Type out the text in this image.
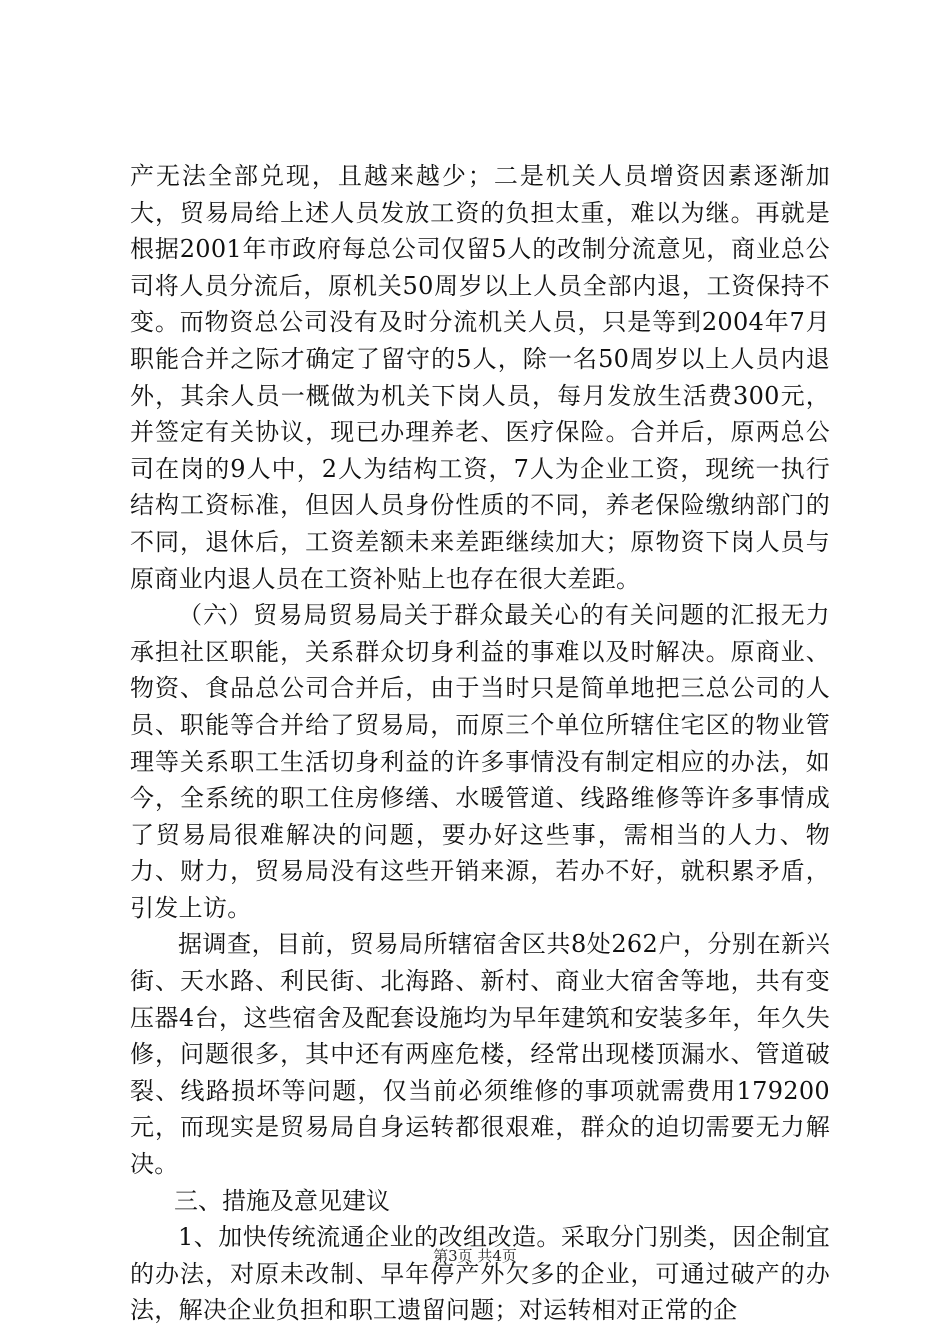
产无法全部兑现，且越来越少；二是机关人员增资因素逐渐加大，贸易局给上述人员发放工资的负担太重，难以为继。再就是根据2001年市政府每总公司仅留5人的改制分流意见，商业总公司将人员分流后，原机关50周岁以上人员全部内退，工资保持不变。而物资总公司没有及时分流机关人员，只是等到2004年7月职能合并之际才确定了留守的5人，除一名50周岁以上人员内退外，其余人员一概做为机关下岗人员，每月发放生活费300元，并签定有关协议，现已办理养老、医疗保险。合并后，原两总公司在岗的9人中，2人为结构工资，7人为企业工资，现统一执行结构工资标准，但因人员身份性质的不同，养老保险缴纳部门的不同，退休后，工资差额未来差距继续加大；原物资下岗人员与原商业内退人员在工资补贴上也存在很大差距。

（六）贸易局贸易局关于群众最关心的有关问题的汇报无力承担社区职能，关系群众切身利益的事难以及时解决。原商业、物资、食品总公司合并后，由于当时只是简单地把三总公司的人员、职能等合并给了贸易局，而原三个单位所辖住宅区的物业管理等关系职工生活切身利益的许多事情没有制定相应的办法，如今，全系统的职工住房修缮、水暖管道、线路维修等许多事情成了贸易局很难解决的问题，要办好这些事，需相当的人力、物力、财力，贸易局没有这些开销来源，若办不好，就积累矛盾，引发上访。

据调查，目前，贸易局所辖宿舍区共8处262户，分别在新兴街、天水路、利民街、北海路、新村、商业大宿舍等地，共有变压器4台，这些宿舍及配套设施均为早年建筑和安装多年，年久失修，问题很多，其中还有两座危楼，经常出现楼顶漏水、管道破裂、线路损坏等问题，仅当前必须维修的事项就需费用179200元，而现实是贸易局自身运转都很艰难，群众的迫切需要无力解决。

三、措施及意见建议

1、加快传统流通企业的改组改造。采取分门别类，因企制宜的办法，对原未改制、早年停产外欠多的企业，可通过破产的办法，解决企业负担和职工遗留问题；对运转相对正常的企

第3页 共4页
